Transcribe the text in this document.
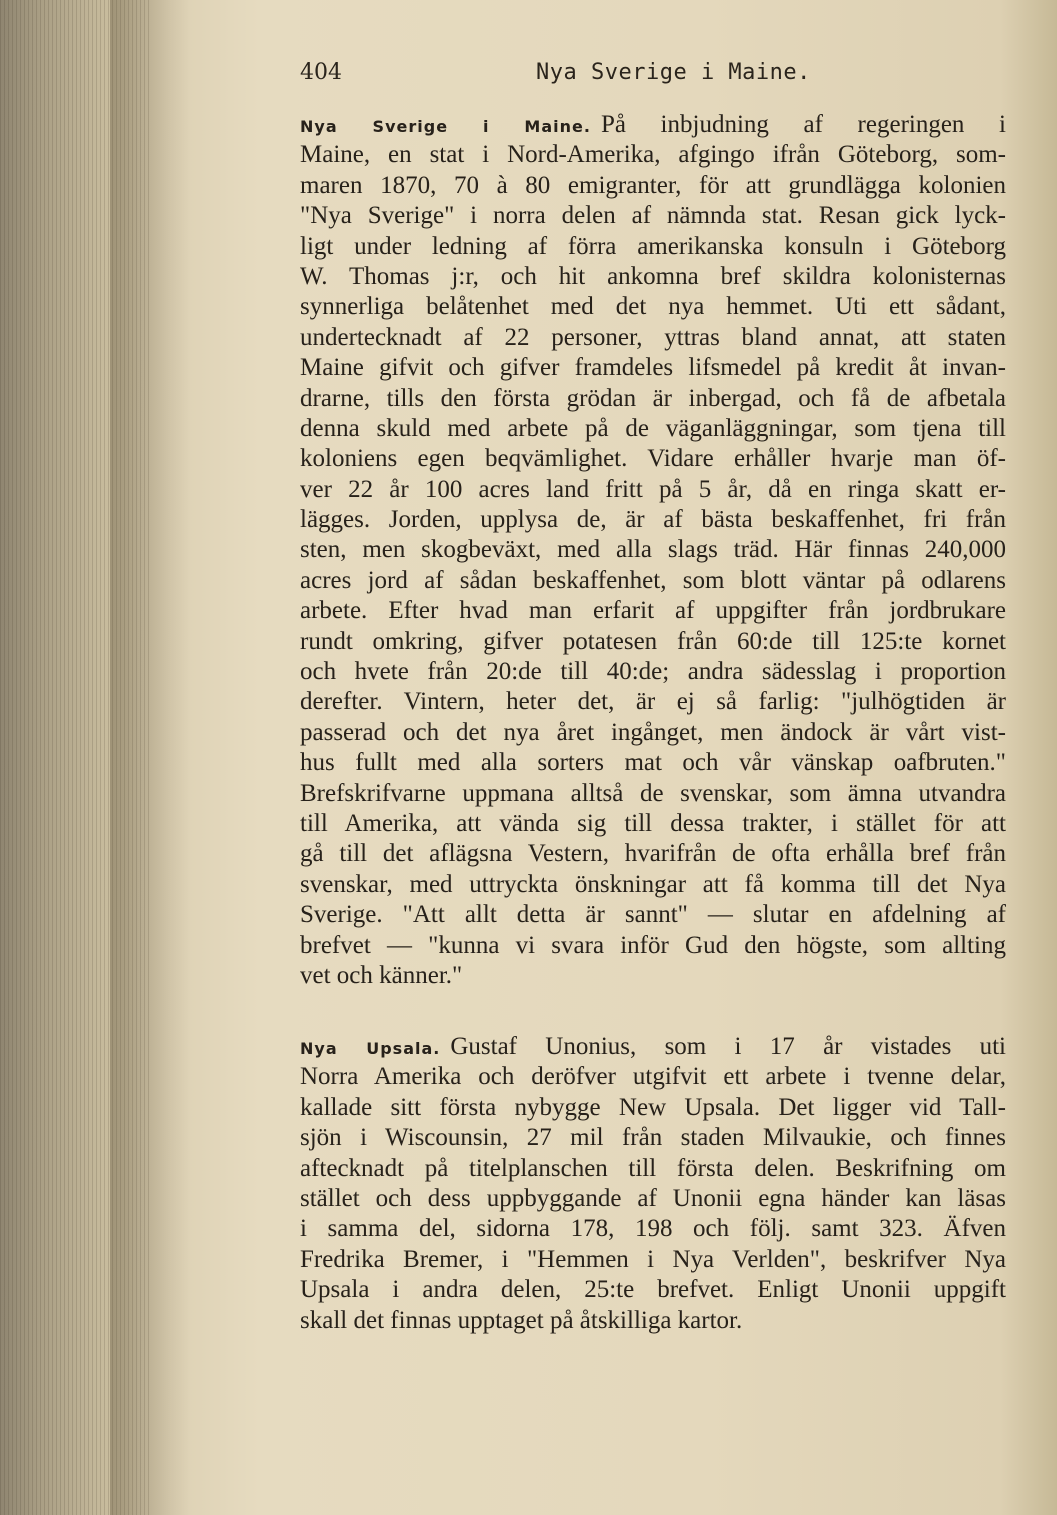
404	Nya Sverige i Maine.
Nya Sverige i Maine. På inbjudning af regeringen i
Maine, en stat i Nord-Amerika, afgingo ifrån Göteborg, som-
maren 1870, 70 à 80 emigranter, för att grundlägga kolonien
"Nya Sverige" i norra delen af nämnda stat. Resan gick lyck-
ligt under ledning af förra amerikanska konsuln i Göteborg
W. Thomas j:r, och hit ankomna bref skildra kolonisternas
synnerliga belåtenhet med det nya hemmet. Uti ett sådant,
undertecknadt af 22 personer, yttras bland annat, att staten
Maine gifvit och gifver framdeles lifsmedel på kredit åt invan-
drarne, tills den första grödan är inbergad, och få de afbetala
denna skuld med arbete på de väganläggningar, som tjena till
koloniens egen beqvämlighet. Vidare erhåller hvarje man öf-
ver 22 år 100 acres land fritt på 5 år, då en ringa skatt er-
lägges. Jorden, upplysa de, är af bästa beskaffenhet, fri från
sten, men skogbeväxt, med alla slags träd. Här finnas 240,000
acres jord af sådan beskaffenhet, som blott väntar på odlarens
arbete. Efter hvad man erfarit af uppgifter från jordbrukare
rundt omkring, gifver potatesen från 60:de till 125:te kornet
och hvete från 20:de till 40:de; andra sädesslag i proportion
derefter. Vintern, heter det, är ej så farlig: "julhögtiden är
passerad och det nya året ingånget, men ändock är vårt vist-
hus fullt med alla sorters mat och vår vänskap oafbruten."
Brefskrifvarne uppmana alltså de svenskar, som ämna utvandra
till Amerika, att vända sig till dessa trakter, i stället för att
gå till det aflägsna Vestern, hvarifrån de ofta erhålla bref från
svenskar, med uttryckta önskningar att få komma till det Nya
Sverige. "Att allt detta är sannt" — slutar en afdelning af
brefvet — "kunna vi svara inför Gud den högste, som allting
vet och känner."
Nya Upsala. Gustaf Unonius, som i 17 år vistades uti
Norra Amerika och deröfver utgifvit ett arbete i tvenne delar,
kallade sitt första nybygge New Upsala. Det ligger vid Tall-
sjön i Wiscounsin, 27 mil från staden Milvaukie, och finnes
aftecknadt på titelplanschen till första delen. Beskrifning om
stället och dess uppbyggande af Unonii egna händer kan läsas
i samma del, sidorna 178, 198 och följ. samt 323. Äfven
Fredrika Bremer, i "Hemmen i Nya Verlden", beskrifver Nya
Upsala i andra delen, 25:te brefvet. Enligt Unonii uppgift
skall det finnas upptaget på åtskilliga kartor.
